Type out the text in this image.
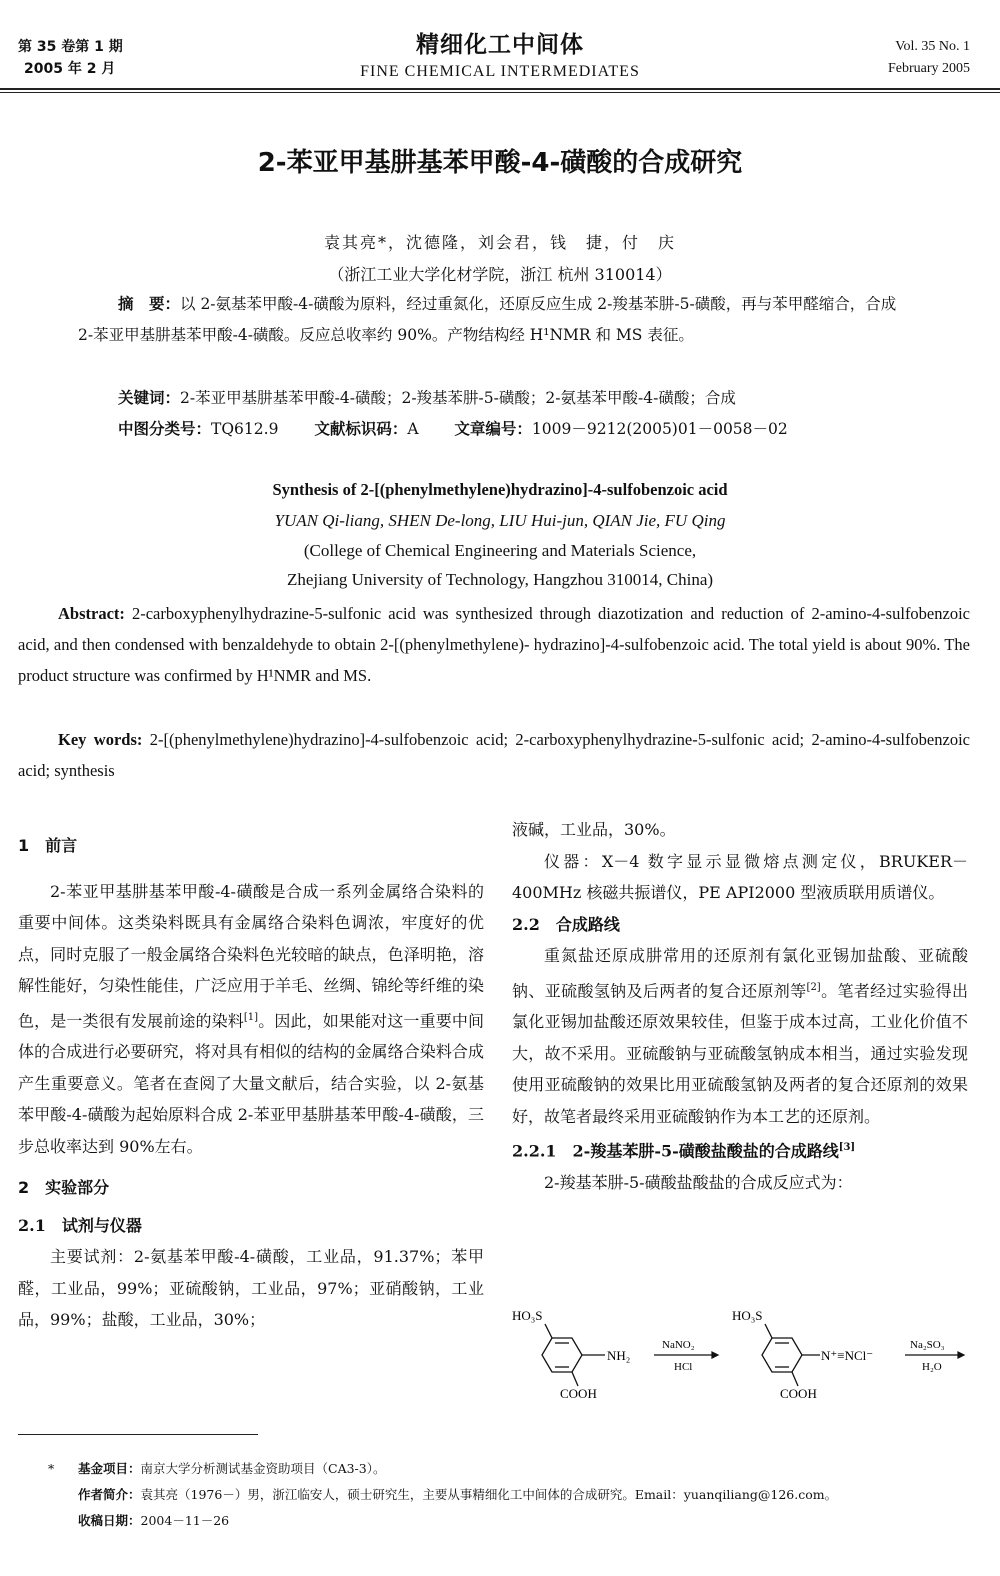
第 35 卷第 1 期
2005 年 2 月
精细化工中间体
FINE CHEMICAL INTERMEDIATES
Vol. 35 No. 1
February 2005
2-苯亚甲基肼基苯甲酸-4-磺酸的合成研究
袁其亮*，沈德隆，刘会君，钱　捷，付　庆
（浙江工业大学化材学院，浙江 杭州 310014）
摘　要：以 2-氨基苯甲酸-4-磺酸为原料，经过重氮化，还原反应生成 2-羧基苯肼-5-磺酸，再与苯甲醛缩合，合成 2-苯亚甲基肼基苯甲酸-4-磺酸。反应总收率约 90%。产物结构经 H¹NMR 和 MS 表征。
关键词：2-苯亚甲基肼基苯甲酸-4-磺酸；2-羧基苯肼-5-磺酸；2-氨基苯甲酸-4-磺酸；合成
中图分类号：TQ612.9 文献标识码：A 文章编号：1009－9212(2005)01－0058－02
Synthesis of 2-[(phenylmethylene)hydrazino]-4-sulfobenzoic acid
YUAN Qi-liang, SHEN De-long, LIU Hui-jun, QIAN Jie, FU Qing
(College of Chemical Engineering and Materials Science,
Zhejiang University of Technology, Hangzhou 310014, China)
Abstract: 2-carboxyphenylhydrazine-5-sulfonic acid was synthesized through diazotization and reduction of 2-amino-4-sulfobenzoic acid, and then condensed with benzaldehyde to obtain 2-[(phenylmethylene)- hydrazino]-4-sulfobenzoic acid. The total yield is about 90%. The product structure was confirmed by H¹NMR and MS.
Key words: 2-[(phenylmethylene)hydrazino]-4-sulfobenzoic acid; 2-carboxyphenylhydrazine-5-sulfonic acid; 2-amino-4-sulfobenzoic acid; synthesis
1　前言
2-苯亚甲基肼基苯甲酸-4-磺酸是合成一系列金属络合染料的重要中间体。这类染料既具有金属络合染料色调浓，牢度好的优点，同时克服了一般金属络合染料色光较暗的缺点，色泽明艳，溶解性能好，匀染性能佳，广泛应用于羊毛、丝绸、锦纶等纤维的染色，是一类很有发展前途的染料[1]。因此，如果能对这一重要中间体的合成进行必要研究，将对具有相似的结构的金属络合染料合成产生重要意义。笔者在查阅了大量文献后，结合实验，以 2-氨基苯甲酸-4-磺酸为起始原料合成 2-苯亚甲基肼基苯甲酸-4-磺酸，三步总收率达到 90%左右。
2　实验部分
2.1　试剂与仪器
主要试剂：2-氨基苯甲酸-4-磺酸，工业品，91.37%；苯甲醛，工业品，99%；亚硫酸钠，工业品，97%；亚硝酸钠，工业品，99%；盐酸，工业品，30%；
液碱，工业品，30%。
仪器：X－4 数字显示显微熔点测定仪，BRUKER－400MHz 核磁共振谱仪，PE API2000 型液质联用质谱仪。
2.2　合成路线
重氮盐还原成肼常用的还原剂有氯化亚锡加盐酸、亚硫酸钠、亚硫酸氢钠及后两者的复合还原剂等[2]。笔者经过实验得出氯化亚锡加盐酸还原效果较佳，但鉴于成本过高，工业化价值不大，故不采用。亚硫酸钠与亚硫酸氢钠成本相当，通过实验发现使用亚硫酸钠的效果比用亚硫酸氢钠及两者的复合还原剂的效果好，故笔者最终采用亚硫酸钠作为本工艺的还原剂。
2.2.1　2-羧基苯肼-5-磺酸盐酸盐的合成路线[3]
2-羧基苯肼-5-磺酸盐酸盐的合成反应式为：
HO₃S
NH₂
COOH
NaNO₂
HCl
HO₃S
N⁺≡NCl⁻
COOH
Na₂SO₃
H₂O
* 基金项目：南京大学分析测试基金资助项目（CA3-3）。
作者简介：袁其亮（1976－）男，浙江临安人，硕士研究生，主要从事精细化工中间体的合成研究。Email：yuanqiliang@126.com。
收稿日期：2004－11－26
